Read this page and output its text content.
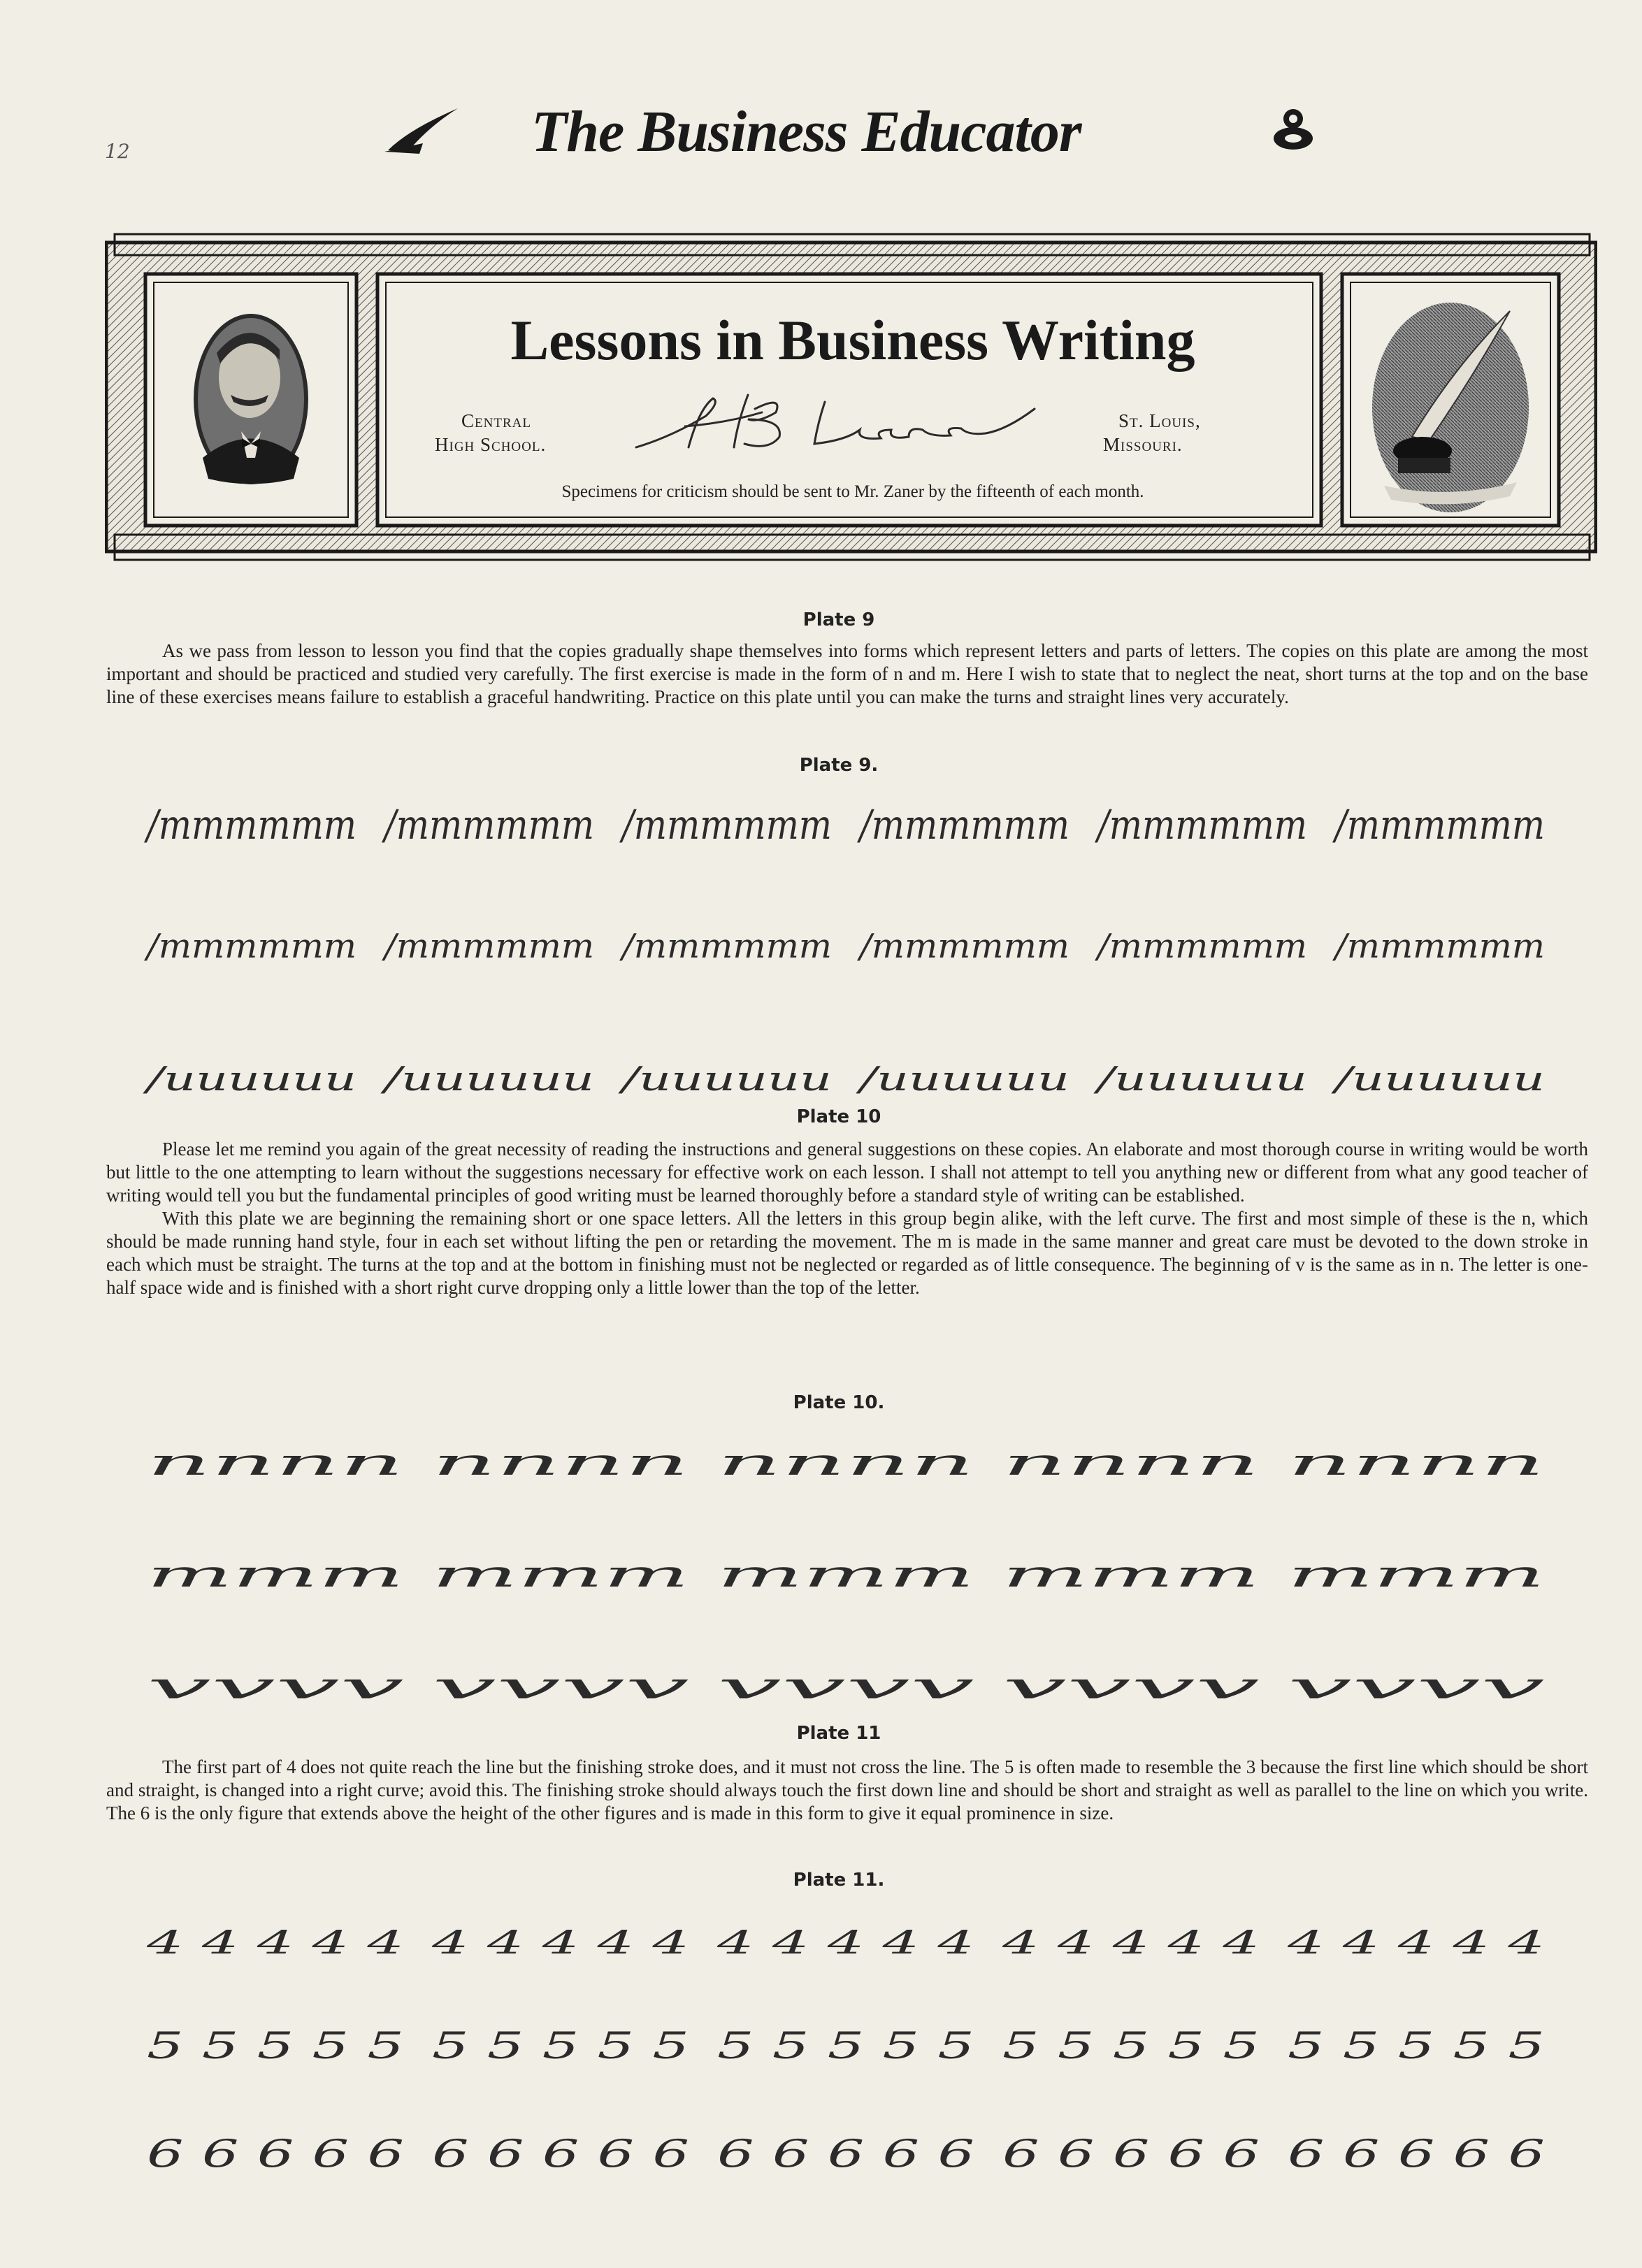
12	The Business Educator
Lessons in Business Writing
Central
High School.
St. Louis,
Missouri.
Specimens for criticism should be sent to Mr. Zaner by the fifteenth of each month.
Plate 9

As we pass from lesson to lesson you find that the copies gradually shape themselves into forms which represent letters and parts of letters. The copies on this plate are among the most important and should be practiced and studied very carefully. The first exercise is made in the form of n and m. Here I wish to state that to neglect the neat, short turns at the top and on the base line of these exercises means failure to establish a graceful handwriting. Practice on this plate until you can make the turns and straight lines very accurately.

Plate 9.
/mmmmmm /mmmmmm /mmmmmm /mmmmmm /mmmmmm /mmmmmm
/mmmmmm /mmmmmm /mmmmmm /mmmmmm /mmmmmm /mmmmmm
/uuuuuu /uuuuuu /uuuuuu /uuuuuu /uuuuuu /uuuuuu
Plate 10

Please let me remind you again of the great necessity of reading the instructions and general suggestions on these copies. An elaborate and most thorough course in writing would be worth but little to the one attempting to learn without the suggestions necessary for effective work on each lesson. I shall not attempt to tell you anything new or different from what any good teacher of writing would tell you but the fundamental principles of good writing must be learned thoroughly before a standard style of writing can be established.

With this plate we are beginning the remaining short or one space letters. All the letters in this group begin alike, with the left curve. The first and most simple of these is the n, which should be made running hand style, four in each set without lifting the pen or retarding the movement. The m is made in the same manner and great care must be devoted to the down stroke in each which must be straight. The turns at the top and at the bottom in finishing must not be neglected or regarded as of little consequence. The beginning of v is the same as in n. The letter is one-half space wide and is finished with a short right curve dropping only a little lower than the top of the letter.

Plate 10.
nnnn nnnn nnnn nnnn nnnn
mmm mmm mmm mmm mmm
vvvv vvvv vvvv vvvv vvvv
Plate 11

The first part of 4 does not quite reach the line but the finishing stroke does, and it must not cross the line. The 5 is often made to resemble the 3 because the first line which should be short and straight, is changed into a right curve; avoid this. The finishing stroke should always touch the first down line and should be short and straight as well as parallel to the line on which you write. The 6 is the only figure that extends above the height of the other figures and is made in this form to give it equal prominence in size.

Plate 11.
4 4 4 4 4 4 4 4 4 4 4 4 4 4 4 4 4 4 4 4 4 4 4 4 4
5 5 5 5 5 5 5 5 5 5 5 5 5 5 5 5 5 5 5 5 5 5 5 5 5
6 6 6 6 6 6 6 6 6 6 6 6 6 6 6 6 6 6 6 6 6 6 6 6 6
